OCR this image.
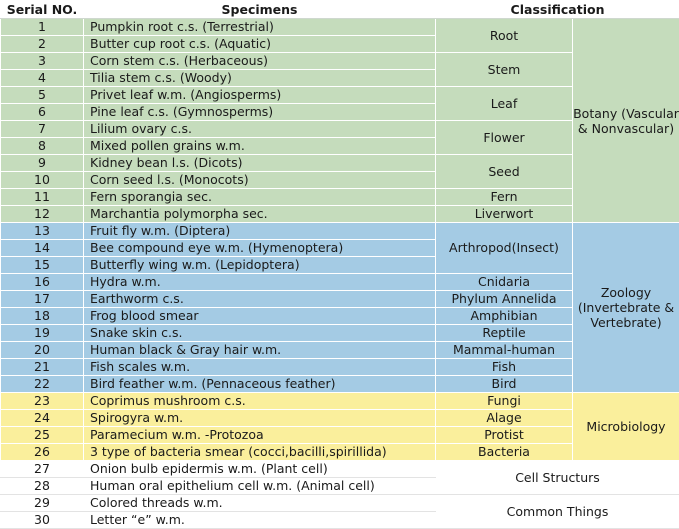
Serial NO.	Specimens	Classification	
1	Pumpkin root c.s. (Terrestrial)	Root	Botany (Vascular & Nonvascular)
2	Butter cup root c.s. (Aquatic)		
3	Corn stem c.s. (Herbaceous)	Stem	
4	Tilia stem c.s. (Woody)		
5	Privet leaf w.m. (Angiosperms)	Leaf	
6	Pine leaf c.s. (Gymnosperms)		
7	Lilium ovary c.s.	Flower	
8	Mixed pollen grains w.m.		
9	Kidney bean l.s. (Dicots)	Seed	
10	Corn seed l.s. (Monocots)		
11	Fern sporangia sec.	Fern	
12	Marchantia polymorpha sec.	Liverwort	
13	Fruit fly w.m. (Diptera)	Arthropod(Insect)	Zoology (Invertebrate & Vertebrate)
14	Bee compound eye w.m. (Hymenoptera)		
15	Butterfly wing w.m. (Lepidoptera)		
16	Hydra w.m.	Cnidaria	
17	Earthworm c.s.	Phylum Annelida	
18	Frog blood smear	Amphibian	
19	Snake skin c.s.	Reptile	
20	Human black & Gray hair w.m.	Mammal-human	
21	Fish scales w.m.	Fish	
22	Bird feather w.m. (Pennaceous feather)	Bird	
23	Coprimus mushroom c.s.	Fungi	Microbiology
24	Spirogyra w.m.	Alage	
25	Paramecium w.m. -Protozoa	Protist	
26	3 type of bacteria smear (cocci,bacilli,spirillida)	Bacteria	
27	Onion bulb epidermis w.m. (Plant cell)	Cell Structurs	
28	Human oral epithelium cell w.m. (Animal cell)		
29	Colored threads w.m.	Common Things	
30	Letter “e” w.m.		
